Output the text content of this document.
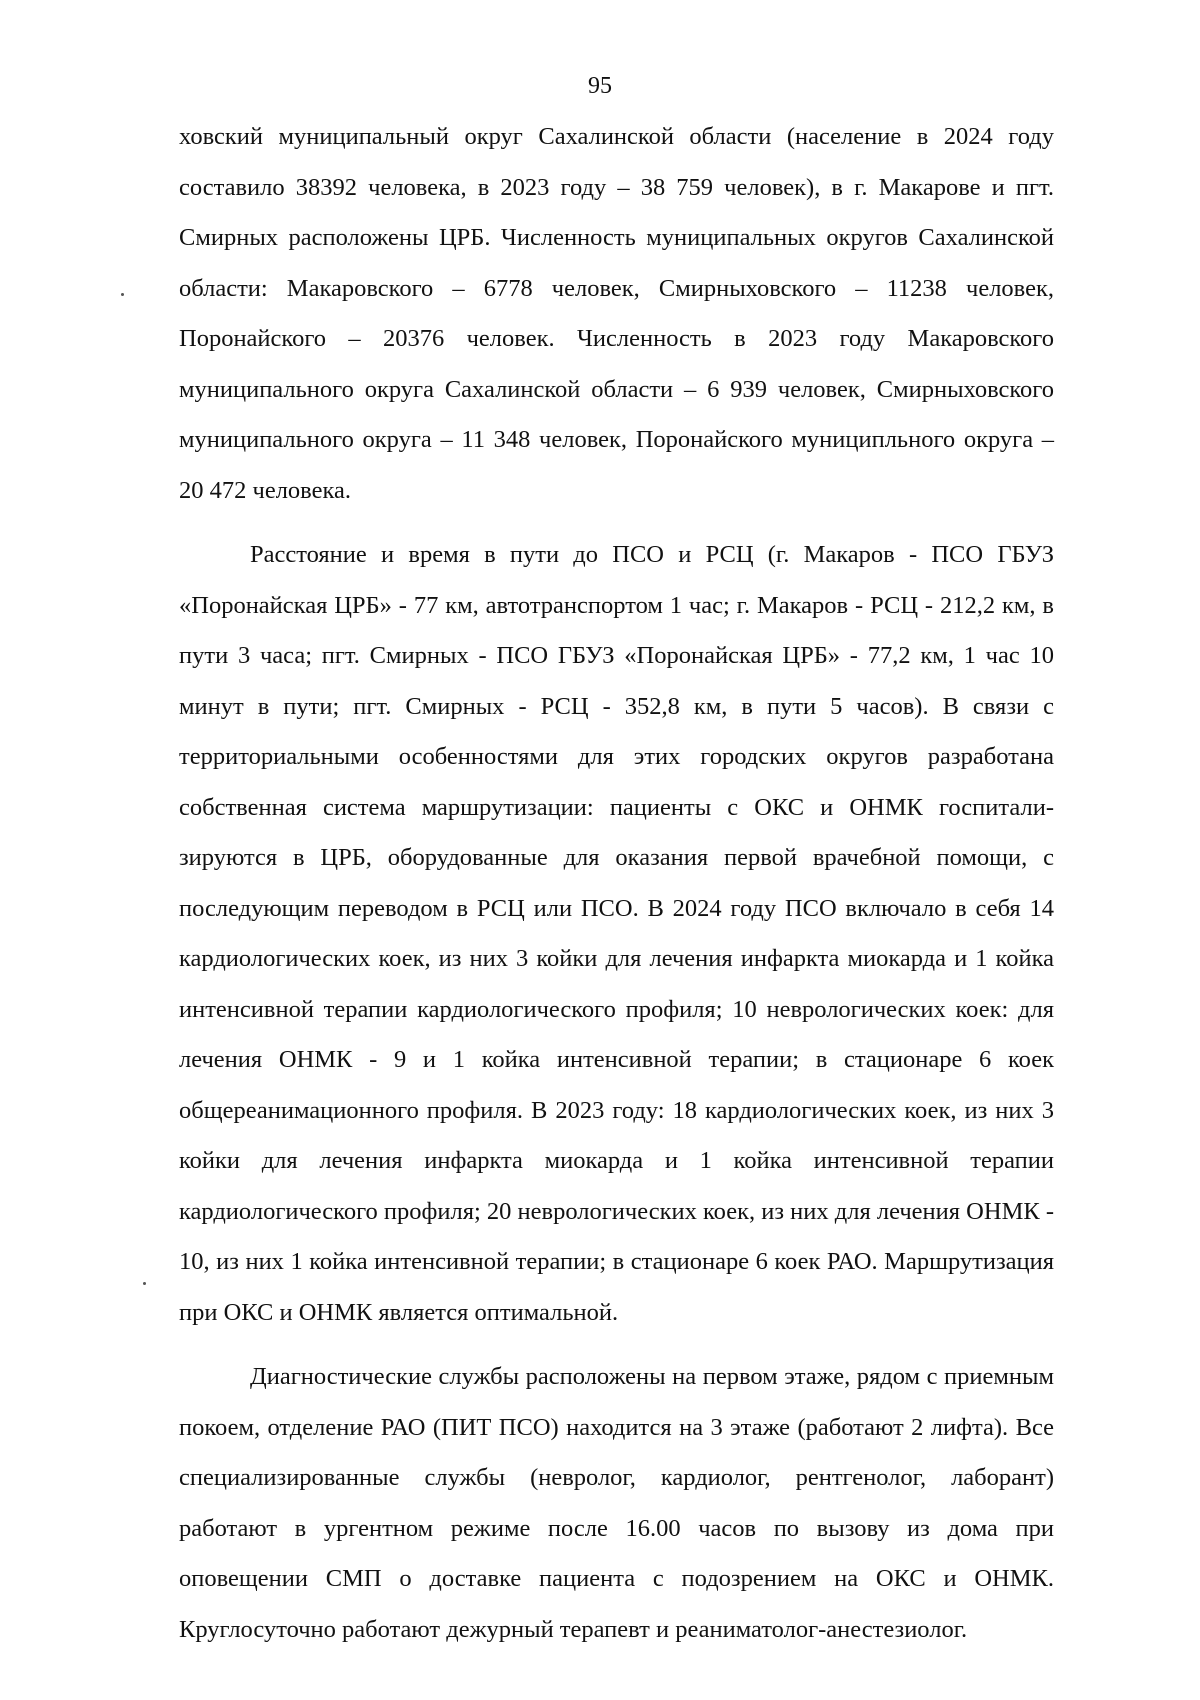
95

ховский муниципальный округ Сахалинской области (население в 2024 году составило 38392 человека, в 2023 году – 38 759 человек), в г. Макарове и пгт. Смирных расположены ЦРБ. Численность муниципальных округов Сахалинской области: Макаровского – 6778 человек, Смирныховского – 11238 человек, Поронайского – 20376 человек. Численность в 2023 году Макаровского муниципального округа Сахалинской области – 6 939 человек, Смирныховского муниципального округа – 11 348 человек, Поронайского муниципльного округа – 20 472 человека.

Расстояние и время в пути до ПСО и РСЦ (г. Макаров - ПСО ГБУЗ «Поронайская ЦРБ» - 77 км, автотранспортом 1 час; г. Макаров - РСЦ - 212,2 км, в пути 3 часа; пгт. Смирных - ПСО ГБУЗ «Поронайская ЦРБ» - 77,2 км, 1 час 10 минут в пути; пгт. Смирных - РСЦ - 352,8 км, в пути 5 часов). В связи с территориальными особенностями для этих городских округов разработана собственная система маршрутизации: пациенты с ОКС и ОНМК госпитализируются в ЦРБ, оборудованные для оказания первой врачебной помощи, с последующим переводом в РСЦ или ПСО. В 2024 году ПСО включало в себя 14 кардиологических коек, из них 3 койки для лечения инфаркта миокарда и 1 койка интенсивной терапии кардиологического профиля; 10 неврологических коек: для лечения ОНМК - 9 и 1 койка интенсивной терапии; в стационаре 6 коек общереанимационного профиля. В 2023 году: 18 кардиологических коек, из них 3 койки для лечения инфаркта миокарда и 1 койка интенсивной терапии кардиологического профиля; 20 неврологических коек, из них для лечения ОНМК - 10, из них 1 койка интенсивной терапии; в стационаре 6 коек РАО. Маршрутизация при ОКС и ОНМК является оптимальной.

Диагностические службы расположены на первом этаже, рядом с приемным покоем, отделение РАО (ПИТ ПСО) находится на 3 этаже (работают 2 лифта). Все специализированные службы (невролог, кардиолог, рентгенолог, лаборант) работают в ургентном режиме после 16.00 часов по вызову из дома при оповещении СМП о доставке пациента с подозрением на ОКС и ОНМК. Круглосуточно работают дежурный терапевт и реаниматолог-анестезиолог.
